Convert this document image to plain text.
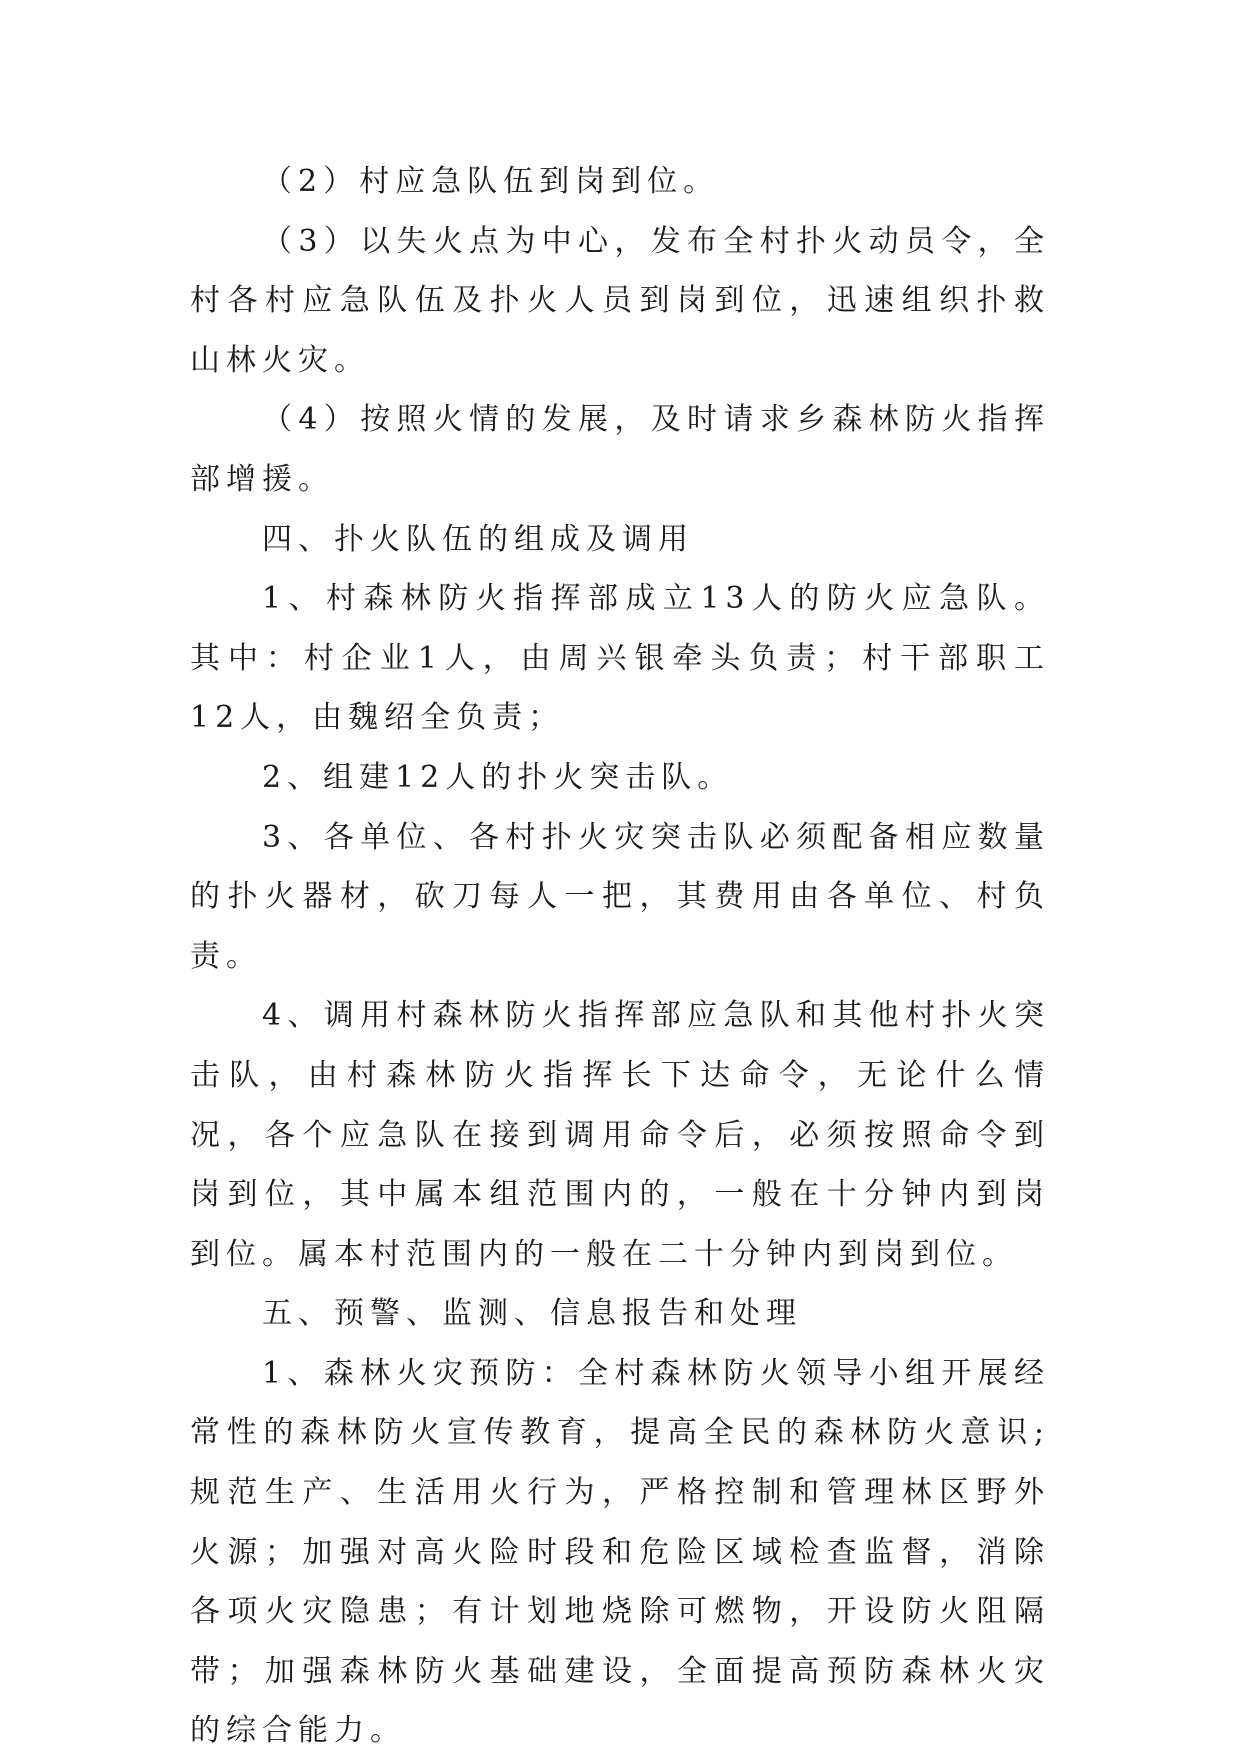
（2）村应急队伍到岗到位。

（3）以失火点为中心，发布全村扑火动员令，全村各村应急队伍及扑火人员到岗到位，迅速组织扑救山林火灾。

（4）按照火情的发展，及时请求乡森林防火指挥部增援。

四、扑火队伍的组成及调用

1、村森林防火指挥部成立13人的防火应急队。其中：村企业1人，由周兴银牵头负责；村干部职工12人，由魏绍全负责；

2、组建12人的扑火突击队。

3、各单位、各村扑火灾突击队必须配备相应数量的扑火器材，砍刀每人一把，其费用由各单位、村负责。

4、调用村森林防火指挥部应急队和其他村扑火突击队，由村森林防火指挥长下达命令，无论什么情况，各个应急队在接到调用命令后，必须按照命令到岗到位，其中属本组范围内的，一般在十分钟内到岗到位。属本村范围内的一般在二十分钟内到岗到位。

五、预警、监测、信息报告和处理

1、森林火灾预防：全村森林防火领导小组开展经常性的森林防火宣传教育，提高全民的森林防火意识;规范生产、生活用火行为，严格控制和管理林区野外火源；加强对高火险时段和危险区域检查监督，消除各项火灾隐患；有计划地烧除可燃物，开设防火阻隔带；加强森林防火基础建设，全面提高预防森林火灾的综合能力。
